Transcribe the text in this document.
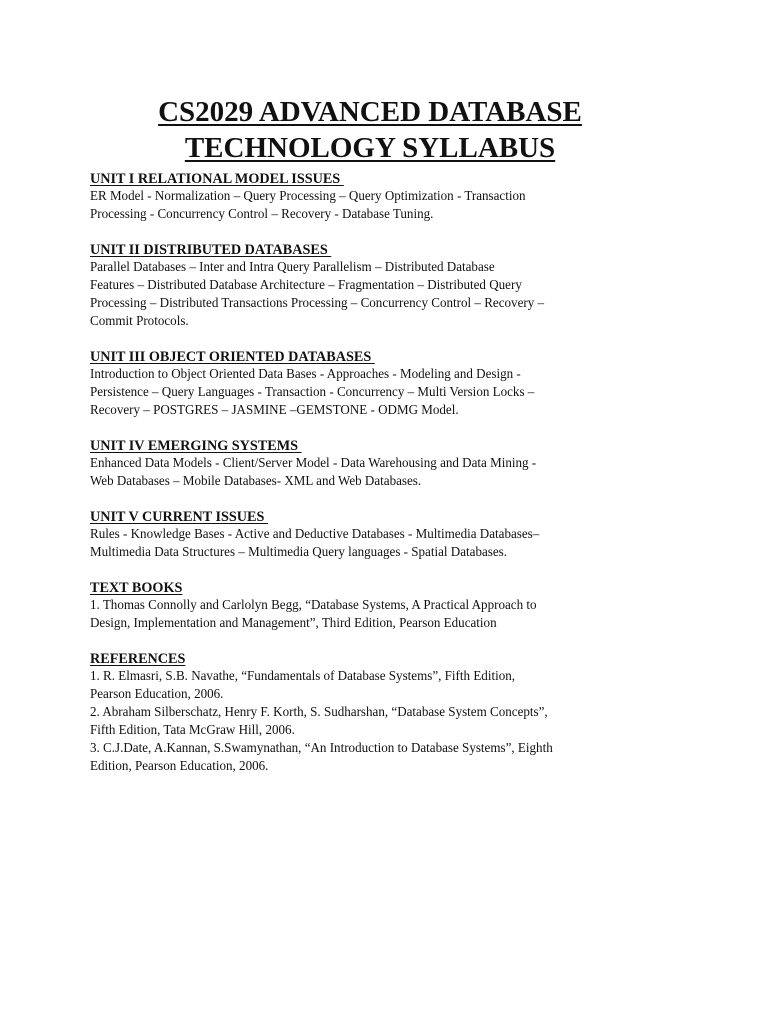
CS2029 ADVANCED DATABASE
TECHNOLOGY SYLLABUS
UNIT I RELATIONAL MODEL ISSUES

ER Model - Normalization – Query Processing – Query Optimization - Transaction

Processing - Concurrency Control – Recovery - Database Tuning.

UNIT II DISTRIBUTED DATABASES

Parallel Databases – Inter and Intra Query Parallelism – Distributed Database

Features – Distributed Database Architecture – Fragmentation – Distributed Query

Processing – Distributed Transactions Processing – Concurrency Control – Recovery –

Commit Protocols.

UNIT III OBJECT ORIENTED DATABASES

Introduction to Object Oriented Data Bases - Approaches - Modeling and Design -

Persistence – Query Languages - Transaction - Concurrency – Multi Version Locks –

Recovery – POSTGRES – JASMINE –GEMSTONE - ODMG Model.

UNIT IV EMERGING SYSTEMS

Enhanced Data Models - Client/Server Model - Data Warehousing and Data Mining -

Web Databases – Mobile Databases- XML and Web Databases.

UNIT V CURRENT ISSUES

Rules - Knowledge Bases - Active and Deductive Databases - Multimedia Databases–

Multimedia Data Structures – Multimedia Query languages - Spatial Databases.

TEXT BOOKS

1. Thomas Connolly and Carlolyn Begg, “Database Systems, A Practical Approach to

Design, Implementation and Management”, Third Edition, Pearson Education

REFERENCES

1. R. Elmasri, S.B. Navathe, “Fundamentals of Database Systems”, Fifth Edition,

Pearson Education, 2006.

2. Abraham Silberschatz, Henry F. Korth, S. Sudharshan, “Database System Concepts”,

Fifth Edition, Tata McGraw Hill, 2006.

3. C.J.Date, A.Kannan, S.Swamynathan, “An Introduction to Database Systems”, Eighth

Edition, Pearson Education, 2006.
